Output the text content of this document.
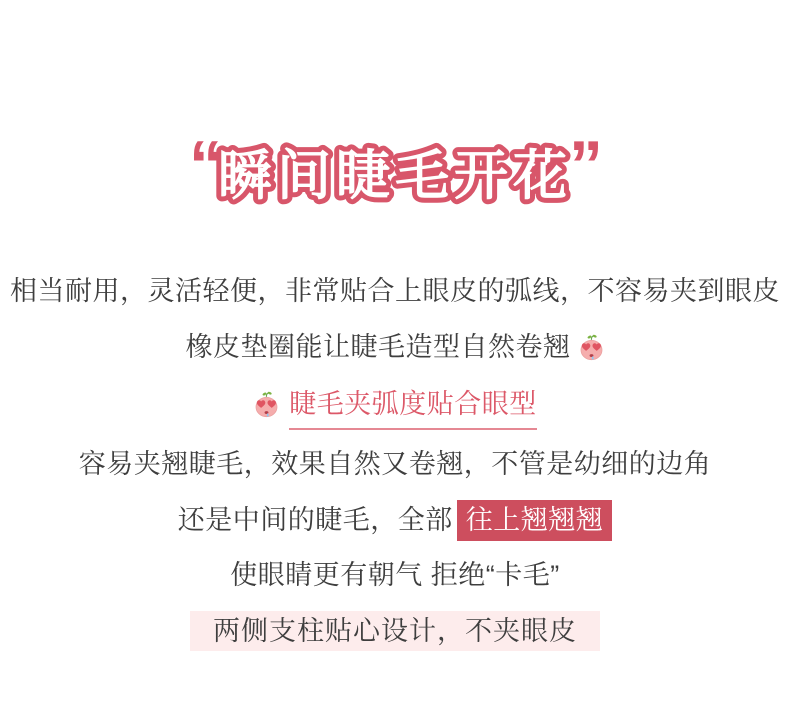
“
瞬间睫毛开花
”
相当耐用，灵活轻便，非常贴合上眼皮的弧线，不容易夹到眼皮
橡皮垫圈能让睫毛造型自然卷翘
睫毛夹弧度贴合眼型
容易夹翘睫毛，效果自然又卷翘，不管是幼细的边角
还是中间的睫毛，全部 往上翘翘翘
使眼睛更有朝气 拒绝“卡毛”
两侧支柱贴心设计，不夹眼皮
